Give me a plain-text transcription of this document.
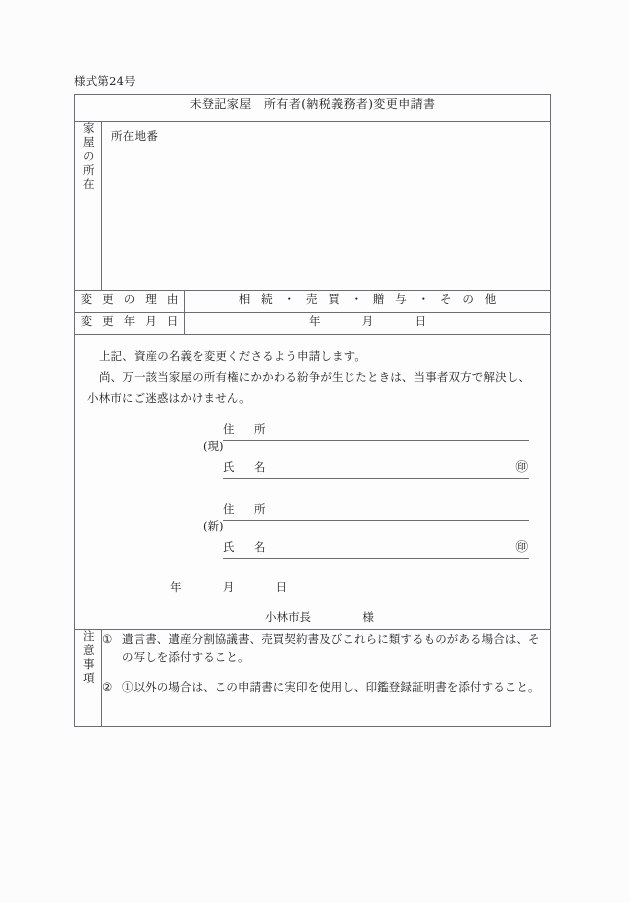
様式第24号
未登記家屋　所有者(納税義務者)変更申請書		
家屋の所在	所在地番	

変 更 の 理 由		相 続 ・ 売 買 ・ 贈 与 ・ そ の 他
変 更 年 月 日		年 月 日

上記、資産の名義を変更くださるよう申請します。
尚、万一該当家屋の所有権にかかわる紛争が生じたときは、当事者双方で解決し、小林市にご迷惑はかけません。
(現)
住　所
氏　名	㊞
(新)
住　所
氏　名	㊞
年	月	日
小林市長	様

注意事項	① 遺言書、遺産分割協議書、売買契約書及びこれらに類するものがある場合は、その写しを添付すること。
② ①以外の場合は、この申請書に実印を使用し、印鑑登録証明書を添付すること。	
